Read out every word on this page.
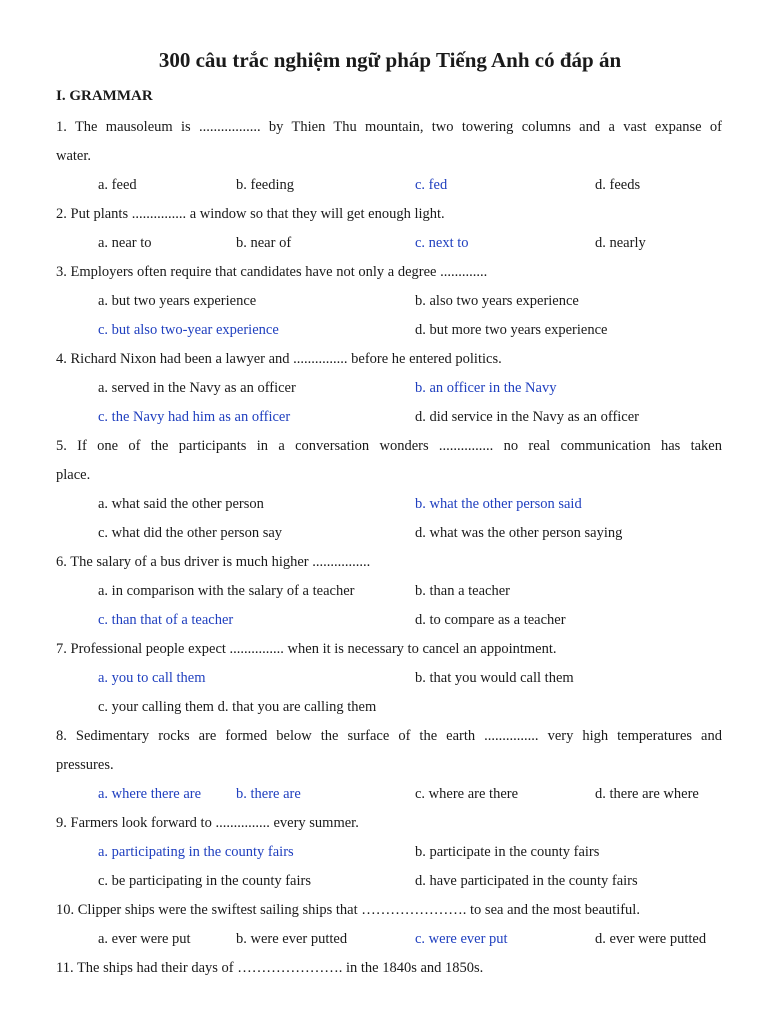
300 câu trắc nghiệm ngữ pháp Tiếng Anh có đáp án
I. GRAMMAR
1. The mausoleum is ................. by Thien Thu mountain, two towering columns and a vast expanse of
water.
a. feed	b. feeding	c. fed	d. feeds
2. Put plants ............... a window so that they will get enough light.
a. near to	b. near of	c. next to	d. nearly
3. Employers often require that candidates have not only a degree .............
a. but two years experience	b. also two years experience
c. but also two-year experience	d. but more two years experience
4. Richard Nixon had been a lawyer and ............... before he entered politics.
a. served in the Navy as an officer	b. an officer in the Navy
c. the Navy had him as an officer	d. did service in the Navy as an officer
5. If one of the participants in a conversation wonders ............... no real communication has taken
place.
a. what said the other person	b. what the other person said
c. what did the other person say	d. what was the other person saying
6. The salary of a bus driver is much higher ................
a. in comparison with the salary of a teacher	b. than a teacher
c. than that of a teacher	d. to compare as a teacher
7. Professional people expect ............... when it is necessary to cancel an appointment.
a. you to call them	b. that you would call them
c. your calling them d. that you are calling them
8. Sedimentary rocks are formed below the surface of the earth ............... very high temperatures and
pressures.
a. where there are b. there are	c. where are there	d. there are where
9. Farmers look forward to ............... every summer.
a. participating in the county fairs	b. participate in the county fairs
c. be participating in the county fairs	d. have participated in the county fairs
10. Clipper ships were the swiftest sailing ships that …………………. to sea and the most beautiful.
a. ever were put	b. were ever putted	c. were ever put	d. ever were putted
11. The ships had their days of …………………. in the 1840s and 1850s.
